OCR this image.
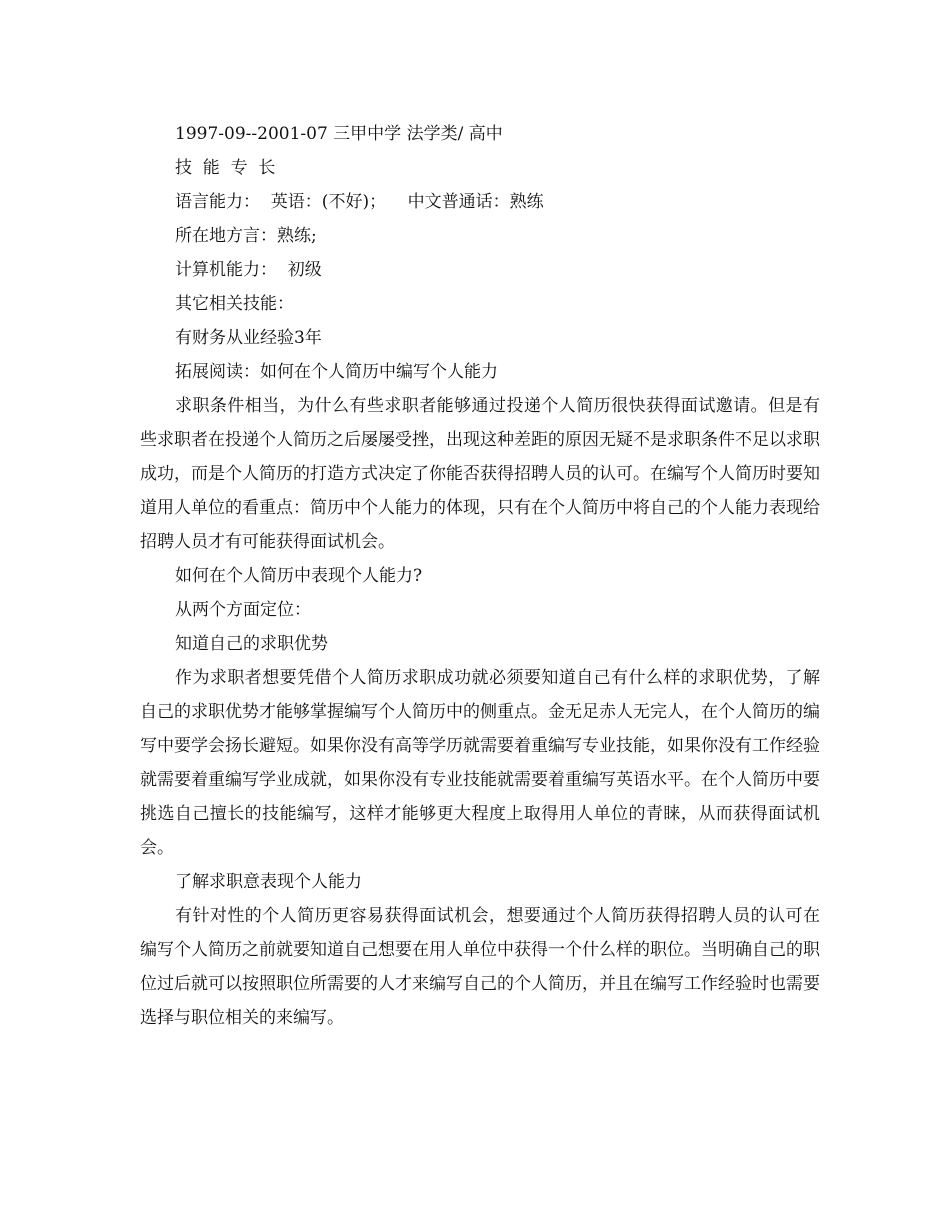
1997-09--2001-07 三甲中学 法学类/ 高中
技  能  专  长
语言能力：  英语：(不好)；    中文普通话：熟练
所在地方言：熟练;
计算机能力：  初级
其它相关技能：
有财务从业经验3年
拓展阅读：如何在个人简历中编写个人能力

求职条件相当，为什么有些求职者能够通过投递个人简历很快获得面试邀请。但是有些求职者在投递个人简历之后屡屡受挫，出现这种差距的原因无疑不是求职条件不足以求职成功，而是个人简历的打造方式决定了你能否获得招聘人员的认可。在编写个人简历时要知道用人单位的看重点：简历中个人能力的体现，只有在个人简历中将自己的个人能力表现给招聘人员才有可能获得面试机会。

如何在个人简历中表现个人能力?
从两个方面定位：
知道自己的求职优势

作为求职者想要凭借个人简历求职成功就必须要知道自己有什么样的求职优势，了解自己的求职优势才能够掌握编写个人简历中的侧重点。金无足赤人无完人，在个人简历的编写中要学会扬长避短。如果你没有高等学历就需要着重编写专业技能，如果你没有工作经验就需要着重编写学业成就，如果你没有专业技能就需要着重编写英语水平。在个人简历中要挑选自己擅长的技能编写，这样才能够更大程度上取得用人单位的青睐，从而获得面试机会。

了解求职意表现个人能力

有针对性的个人简历更容易获得面试机会，想要通过个人简历获得招聘人员的认可在编写个人简历之前就要知道自己想要在用人单位中获得一个什么样的职位。当明确自己的职位过后就可以按照职位所需要的人才来编写自己的个人简历，并且在编写工作经验时也需要选择与职位相关的来编写。
